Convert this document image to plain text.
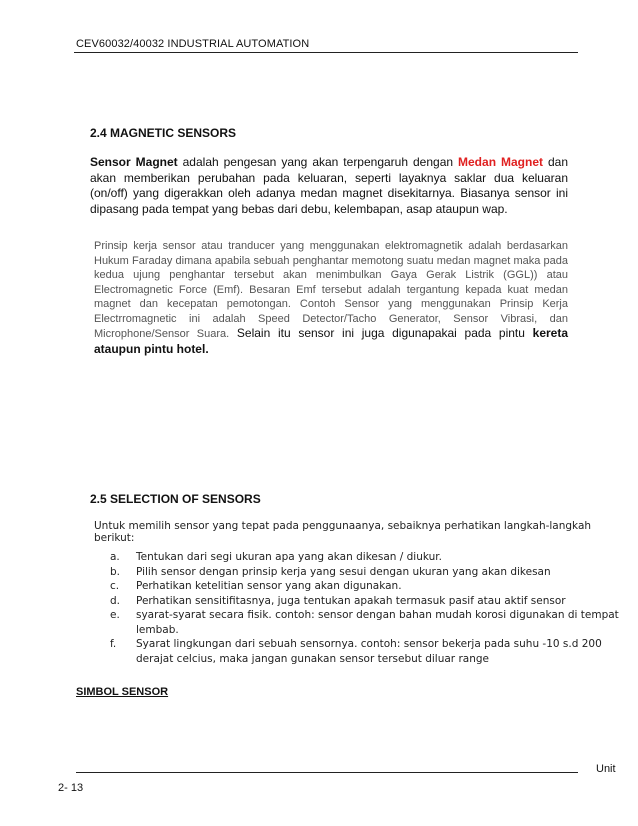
CEV60032/40032 INDUSTRIAL AUTOMATION
2.4 MAGNETIC SENSORS
Sensor Magnet adalah pengesan yang akan terpengaruh dengan Medan Magnet dan akan memberikan perubahan pada keluaran, seperti layaknya saklar dua keluaran (on/off) yang digerakkan oleh adanya medan magnet disekitarnya. Biasanya sensor ini dipasang pada tempat yang bebas dari debu, kelembapan, asap ataupun wap.
Prinsip kerja sensor atau tranducer yang menggunakan elektromagnetik adalah berdasarkan Hukum Faraday dimana apabila sebuah penghantar memotong suatu medan magnet maka pada kedua ujung penghantar tersebut akan menimbulkan Gaya Gerak Listrik (GGL)) atau Electromagnetic Force (Emf). Besaran Emf tersebut adalah tergantung kepada kuat medan magnet dan kecepatan pemotongan. Contoh Sensor yang menggunakan Prinsip Kerja Electrromagnetic ini adalah Speed Detector/Tacho Generator, Sensor Vibrasi, dan Microphone/Sensor Suara. Selain itu sensor ini juga digunapakai pada pintu kereta ataupun pintu hotel.
2.5 SELECTION OF SENSORS
Untuk memilih sensor yang tepat pada penggunaanya, sebaiknya perhatikan langkah-langkah berikut:
a.	Tentukan dari segi ukuran apa yang akan dikesan / diukur.
b.	Pilih sensor dengan prinsip kerja yang sesui dengan ukuran yang akan dikesan
c.	Perhatikan ketelitian sensor yang akan digunakan.
d.	Perhatikan sensitifitasnya, juga tentukan apakah termasuk pasif atau aktif sensor
e.	syarat-syarat secara fisik. contoh: sensor dengan bahan mudah korosi digunakan di tempat lembab.
f.	Syarat lingkungan dari sebuah sensornya. contoh: sensor bekerja pada suhu -10 s.d 200 derajat celcius, maka jangan gunakan sensor tersebut diluar range
SIMBOL SENSOR
Unit
2- 13
